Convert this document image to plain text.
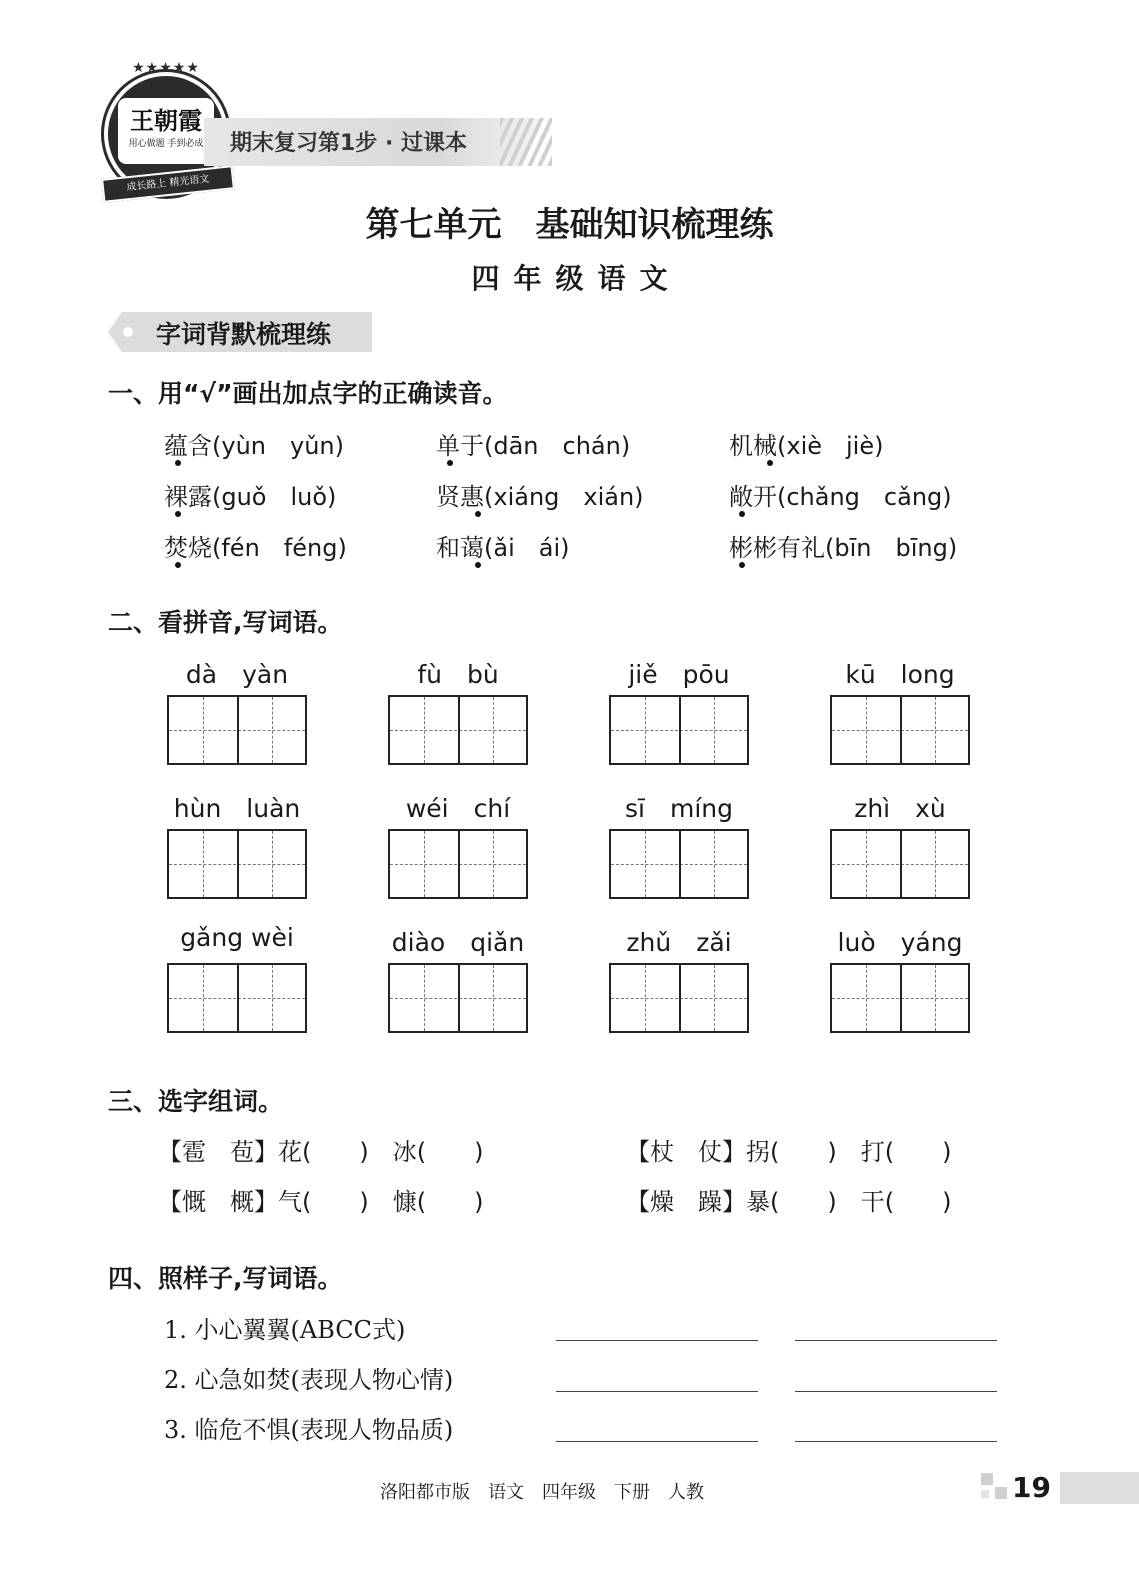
★★★★★
王朝霞
用心做题 手到必成
成长路上 精光语文
期末复习第1步 · 过课本
第七单元　基础知识梳理练
四年级语文
字词背默梳理练
一、用“√”画出加点字的正确读音。
蕴含(yùn　yǔn)	单于(dān　chán)	机械(xiè　jiè)
裸露(guǒ　luǒ)	贤惠(xiáng　xián)	敞开(chǎng　cǎng)
焚烧(fén　féng)	和蔼(ǎi　ái)	彬彬有礼(bīn　bīng)
二、看拼音,写词语。
dà　yàn	fù　bù	jiě　pōu	kū　long
hùn　luàn	wéi　chí	sī　míng	zhì　xù
gǎng wèi	diào　qiǎn	zhǔ　zǎi	luò　yáng
三、选字组词。
【雹　苞】花(　　)　冰(　　)	【杖　仗】拐(　　)　打(　　)
【慨　概】气(　　)　慷(　　)	【燥　躁】暴(　　)　干(　　)
四、照样子,写词语。
1. 小心翼翼(ABCC式)
2. 心急如焚(表现人物心情)
3. 临危不惧(表现人物品质)
洛阳都市版　语文　四年级　下册　人教	19
